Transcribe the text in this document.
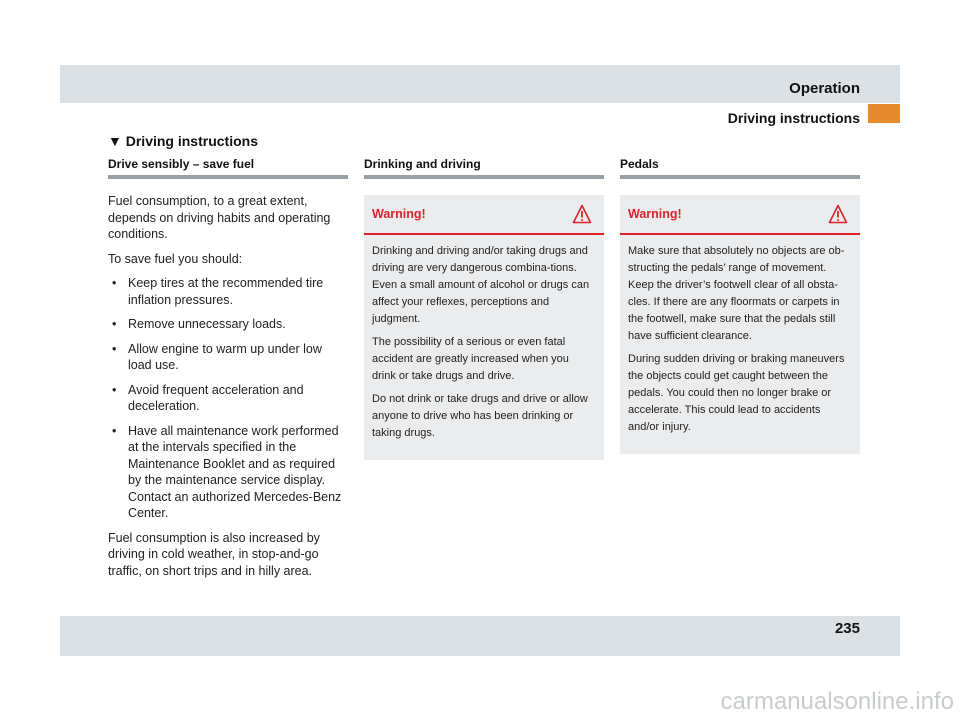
Operation
Driving instructions
▼ Driving instructions
Drive sensibly – save fuel

Fuel consumption, to a great extent, depends on driving habits and operating conditions.

To save fuel you should:

• Keep tires at the recommended tire inflation pressures.
• Remove unnecessary loads.
• Allow engine to warm up under low load use.
• Avoid frequent acceleration and deceleration.
• Have all maintenance work performed at the intervals specified in the Maintenance Booklet and as required by the maintenance service display. Contact an authorized Mercedes-Benz Center.

Fuel consumption is also increased by driving in cold weather, in stop-and-go traffic, on short trips and in hilly area.

Drinking and driving
Warning!

Drinking and driving and/or taking drugs and driving are very dangerous combina-tions. Even a small amount of alcohol or drugs can affect your reflexes, perceptions and judgment.

The possibility of a serious or even fatal accident are greatly increased when you drink or take drugs and drive.

Do not drink or take drugs and drive or allow anyone to drive who has been drinking or taking drugs.

Pedals
Warning!

Make sure that absolutely no objects are ob-structing the pedals’ range of movement. Keep the driver’s footwell clear of all obsta-cles. If there are any floormats or carpets in the footwell, make sure that the pedals still have sufficient clearance.

During sudden driving or braking maneuvers the objects could get caught between the pedals. You could then no longer brake or accelerate. This could lead to accidents and/or injury.

235
carmanualsonline.info
